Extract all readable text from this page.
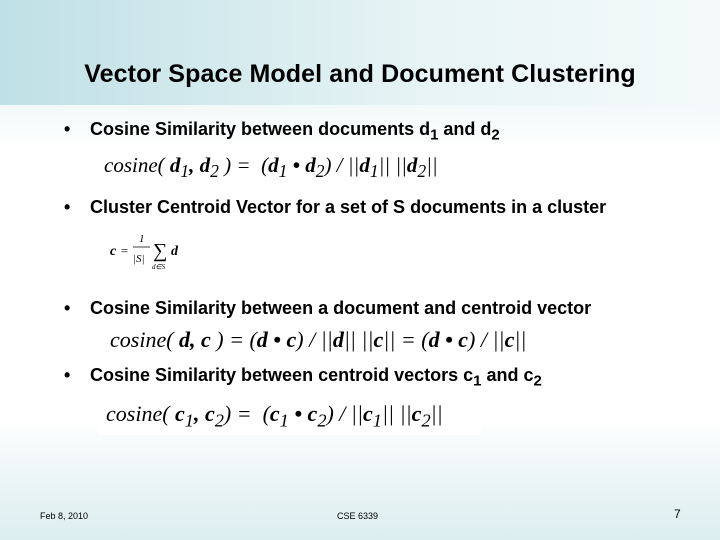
Vector Space Model and Document Clustering
• Cosine Similarity between documents $d_1$ and $d_2$
cosine( $d_1$, $d_2$ ) =  ($d_1$ • $d_2) / ||d_1||$ $||d_2||$
• Cluster Centroid Vector for a set of S documents in a cluster
c =
1
|S| ∑
d∈S
d
• Cosine Similarity between a document and centroid vector
cosine( d, c ) = (d • c) / ||d|| ||c|| = (d • c) / ||c||
• Cosine Similarity between centroid vectors $c_1$ and $c_2$
cosine( $c_1$, $c_2) = (c_1$ • $c_2) / ||c_1||$ $||c_2||$
Feb 8, 2010	CSE 6339	7
